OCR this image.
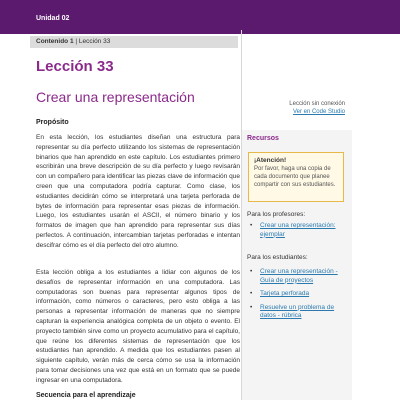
Unidad 02
Contenido 1 | Lección 33
Lección 33
Crear una representación
Propósito

En esta lección, los estudiantes diseñan una estructura para representar su día perfecto utilizando los sistemas de representación binarios que han aprendido en este capítulo. Los estudiantes primero escribirán una breve descripción de su día perfecto y luego revisarán con un compañero para identificar las piezas clave de información que creen que una computadora podría capturar. Como clase, los estudiantes decidirán cómo se interpretará una tarjeta perforada de bytes de información para representar esas piezas de información. Luego, los estudiantes usarán el ASCII, el número binario y los formatos de imagen que han aprendido para representar sus días perfectos. A continuación, intercambian tarjetas perforadas e intentan descifrar cómo es el día perfecto del otro alumno.

Esta lección obliga a los estudiantes a lidiar con algunos de los desafíos de representar información en una computadora. Las computadoras son buenas para representar algunos tipos de información, como números o caracteres, pero esto obliga a las personas a representar información de maneras que no siempre capturan la experiencia analógica completa de un objeto o evento. El proyecto también sirve como un proyecto acumulativo para el capítulo, que reúne los diferentes sistemas de representación que los estudiantes han aprendido. A medida que los estudiantes pasen al siguiente capítulo, verán más de cerca cómo se usa la información para tomar decisiones una vez que está en un formato que se puede ingresar en una computadora.

Secuencia para el aprendizaje
Lección sin conexión
Ver en Code Studio
Recursos
¡Atención!
Por favor, haga una copia de cada documento que planee compartir con sus estudiantes.
Para los profesores:
• Crear una representación: ejemplar
Para los estudiantes:
• Crear una representación - Guía de proyectos
• Tarjeta perforada
• Resuelve un problema de datos - rúbrica
